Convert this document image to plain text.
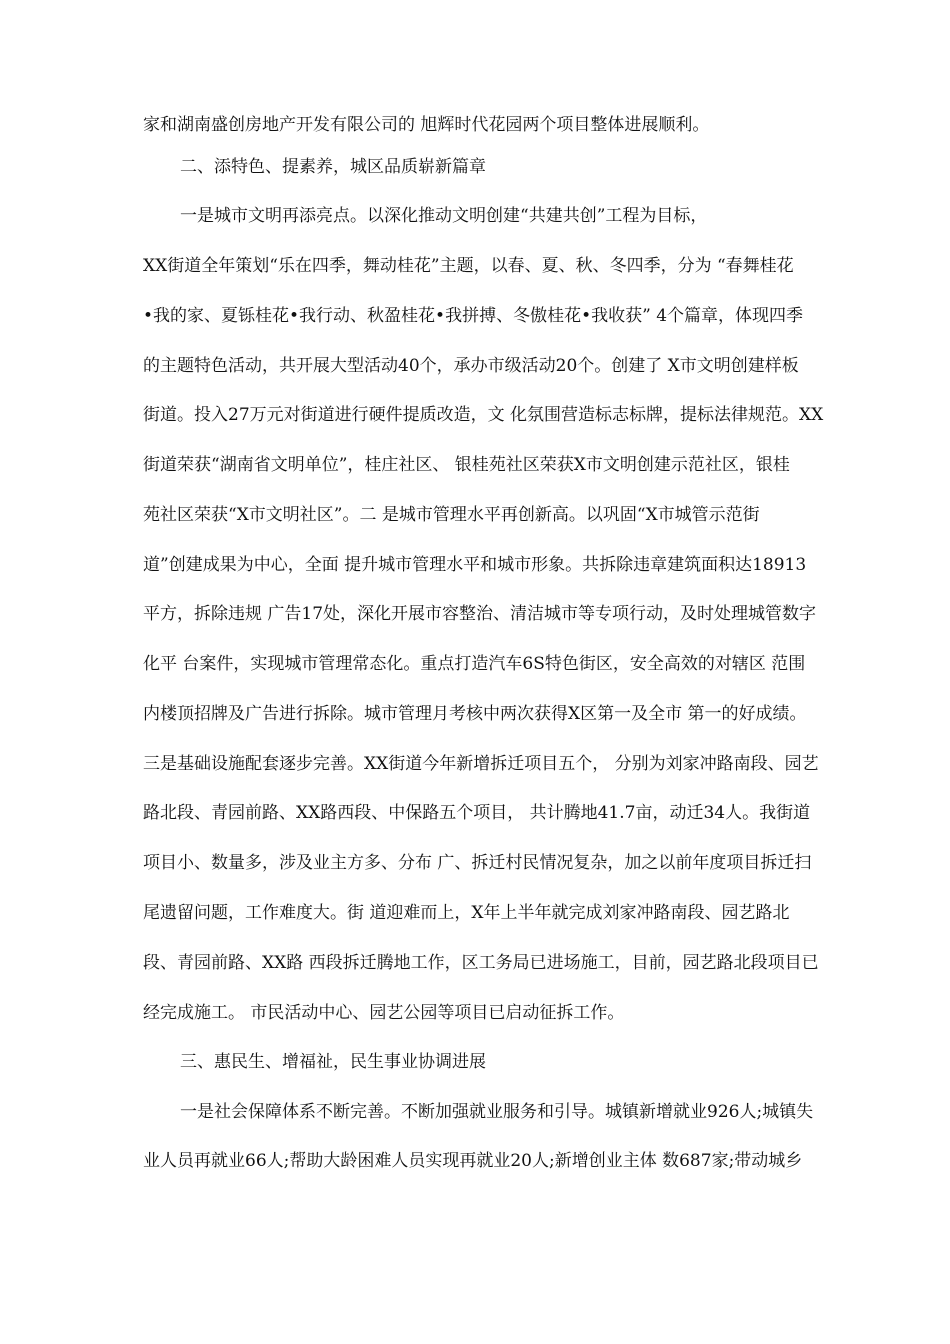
家和湖南盛创房地产开发有限公司的 旭辉时代花园两个项目整体进展顺利。
二、添特色、提素养，城区品质崭新篇章
一是城市文明再添亮点。以深化推动文明创建“共建共创”工程为目标，
XX街道全年策划“乐在四季，舞动桂花”主题，以春、夏、秋、冬四季，分为 “春舞桂花
•我的家、夏铄桂花•我行动、秋盈桂花•我拼搏、冬傲桂花•我收获” 4个篇章，体现四季
的主题特色活动，共开展大型活动40个，承办市级活动20个。创建了 X市文明创建样板
街道。投入27万元对街道进行硬件提质改造，文 化氛围营造标志标牌，提标法律规范。XX
街道荣获“湖南省文明单位”，桂庄社区、 银桂苑社区荣获X市文明创建示范社区，银桂
苑社区荣获“X市文明社区”。二 是城市管理水平再创新高。以巩固“X市城管示范街
道”创建成果为中心，全面 提升城市管理水平和城市形象。共拆除违章建筑面积达18913
平方，拆除违规 广告17处，深化开展市容整治、清洁城市等专项行动，及时处理城管数字
化平 台案件，实现城市管理常态化。重点打造汽车6S特色街区，安全高效的对辖区 范围
内楼顶招牌及广告进行拆除。城市管理月考核中两次获得X区第一及全市 第一的好成绩。
三是基础设施配套逐步完善。XX街道今年新增拆迁项目五个， 分别为刘家冲路南段、园艺
路北段、青园前路、XX路西段、中保路五个项目， 共计腾地41.7亩，动迁34人。我街道
项目小、数量多，涉及业主方多、分布 广、拆迁村民情况复杂，加之以前年度项目拆迁扫
尾遗留问题，工作难度大。街 道迎难而上，X年上半年就完成刘家冲路南段、园艺路北
段、青园前路、XX路 西段拆迁腾地工作，区工务局已进场施工，目前，园艺路北段项目已
经完成施工。 市民活动中心、园艺公园等项目已启动征拆工作。
三、惠民生、增福祉，民生事业协调进展
一是社会保障体系不断完善。不断加强就业服务和引导。城镇新增就业926人;城镇失
业人员再就业66人;帮助大龄困难人员实现再就业20人;新增创业主体 数687家;带动城乡
